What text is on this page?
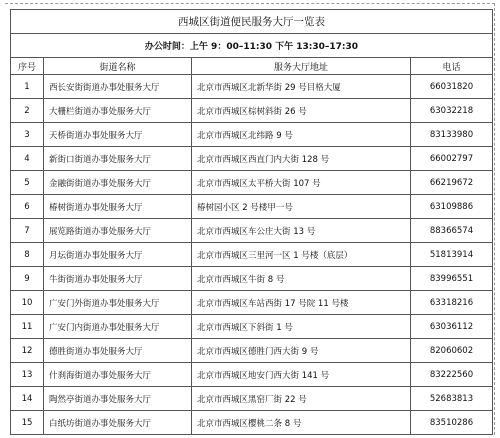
西城区街道便民服务大厅一览表			
办公时间：上午 9：00–11:30 下午 13:30–17:30			
序号	街道名称	服务大厅地址	电话
1	西长安街街道办事处服务大厅	北京市西城区北新华街 29 号目格大厦	66031820
2	大栅栏街道办事处服务大厅	北京市西城区棕树斜街 26 号	63032218
3	天桥街道办事处服务大厅	北京市西城区北纬路 9 号	83133980
4	新街口街道办事处服务大厅	北京市西城区西直门内大街 128 号	66002797
5	金融街街道办事处服务大厅	北京市西城区太平桥大街 107 号	66219672
6	椿树街道办事处服务大厅	椿树园小区 2 号楼甲一号	63109886
7	展览路街道办事处服务大厅	北京市西城区车公庄大街 13 号	88366574
8	月坛街道办事处服务大厅	北京市西城区三里河一区 1 号楼（底层）	51813914
9	牛街街道办事处服务大厅	北京市西城区牛街 8 号	83996551
10	广安门外街道办事处服务大厅	北京市西城区车站西街 17 号院 11 号楼	63318216
11	广安门内街道办事处服务大厅	北京市西城区下斜街 1 号	63036112
12	德胜街道办事处服务大厅	北京市西城区德胜门西大街 9 号	82060602
13	什刹海街道办事处服务大厅	北京市西城区地安门西大街 141 号	83222560
14	陶然亭街道办事处服务大厅	北京市西城区黑窑厂街 22 号	52683813
15	白纸坊街道办事处服务大厅	北京市西城区樱桃二条 8 号	83510286
